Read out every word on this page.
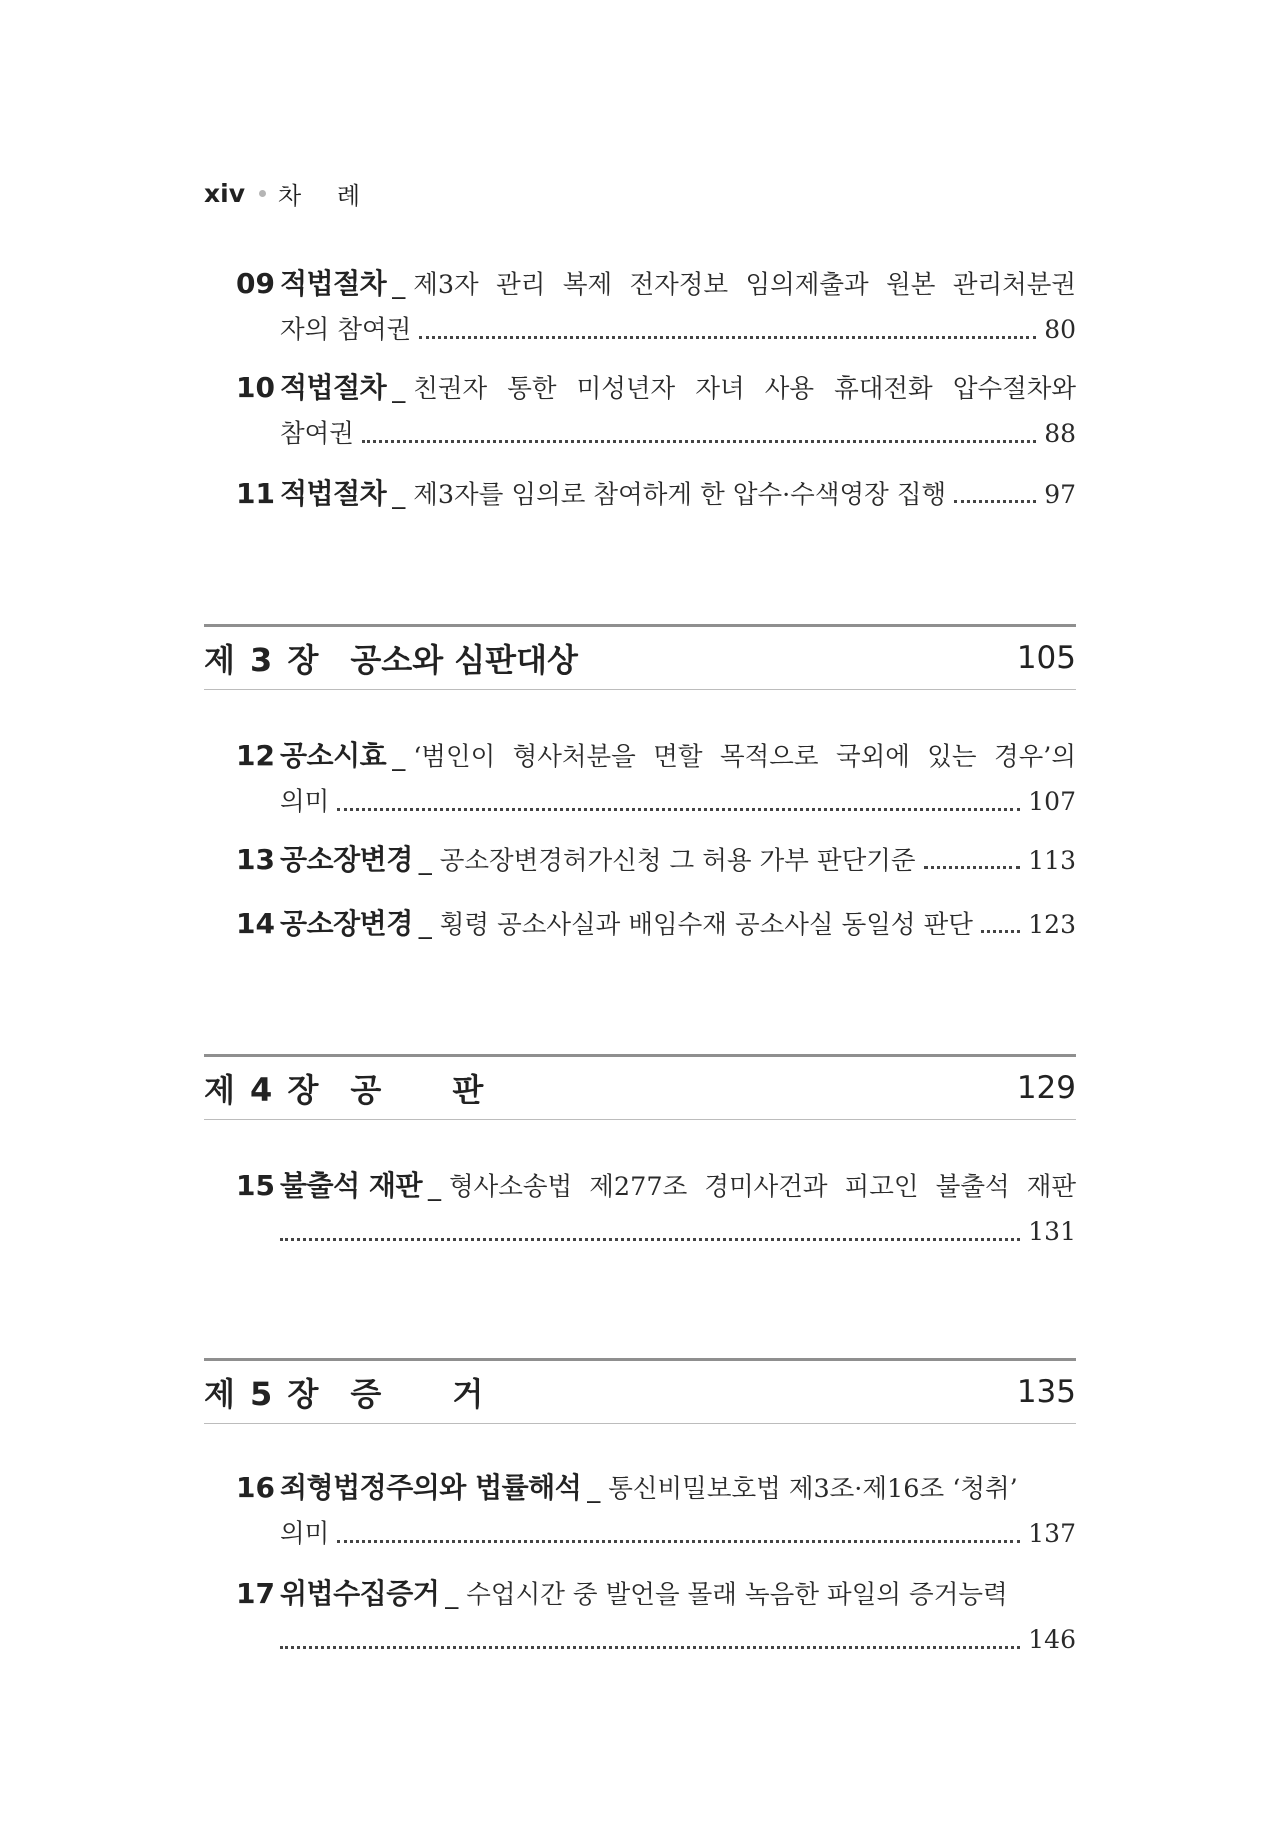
xiv 차 례
09 적법절차 _ 제3자 관리 복제 전자정보 임의제출과 원본 관리처분권
자의 참여권	80
10 적법절차 _ 친권자 통한 미성년자 자녀 사용 휴대전화 압수절차와
참여권	88
11 적법절차 _ 제3자를 임의로 참여하게 한 압수·수색영장 집행	97
제 3 장 공소와 심판대상	105
12 공소시효 _ ‘범인이 형사처분을 면할 목적으로 국외에 있는 경우’의
의미	107
13 공소장변경 _ 공소장변경허가신청 그 허용 가부 판단기준	113
14 공소장변경 _ 횡령 공소사실과 배임수재 공소사실 동일성 판단 123
제 4 장 공 판	129
15 불출석 재판 _ 형사소송법 제277조 경미사건과 피고인 불출석 재판
131
제 5 장 증 거	135
16 죄형법정주의와 법률해석 _ 통신비밀보호법 제3조·제16조 ‘청취’
의미	137
17 위법수집증거 _ 수업시간 중 발언을 몰래 녹음한 파일의 증거능력
146
